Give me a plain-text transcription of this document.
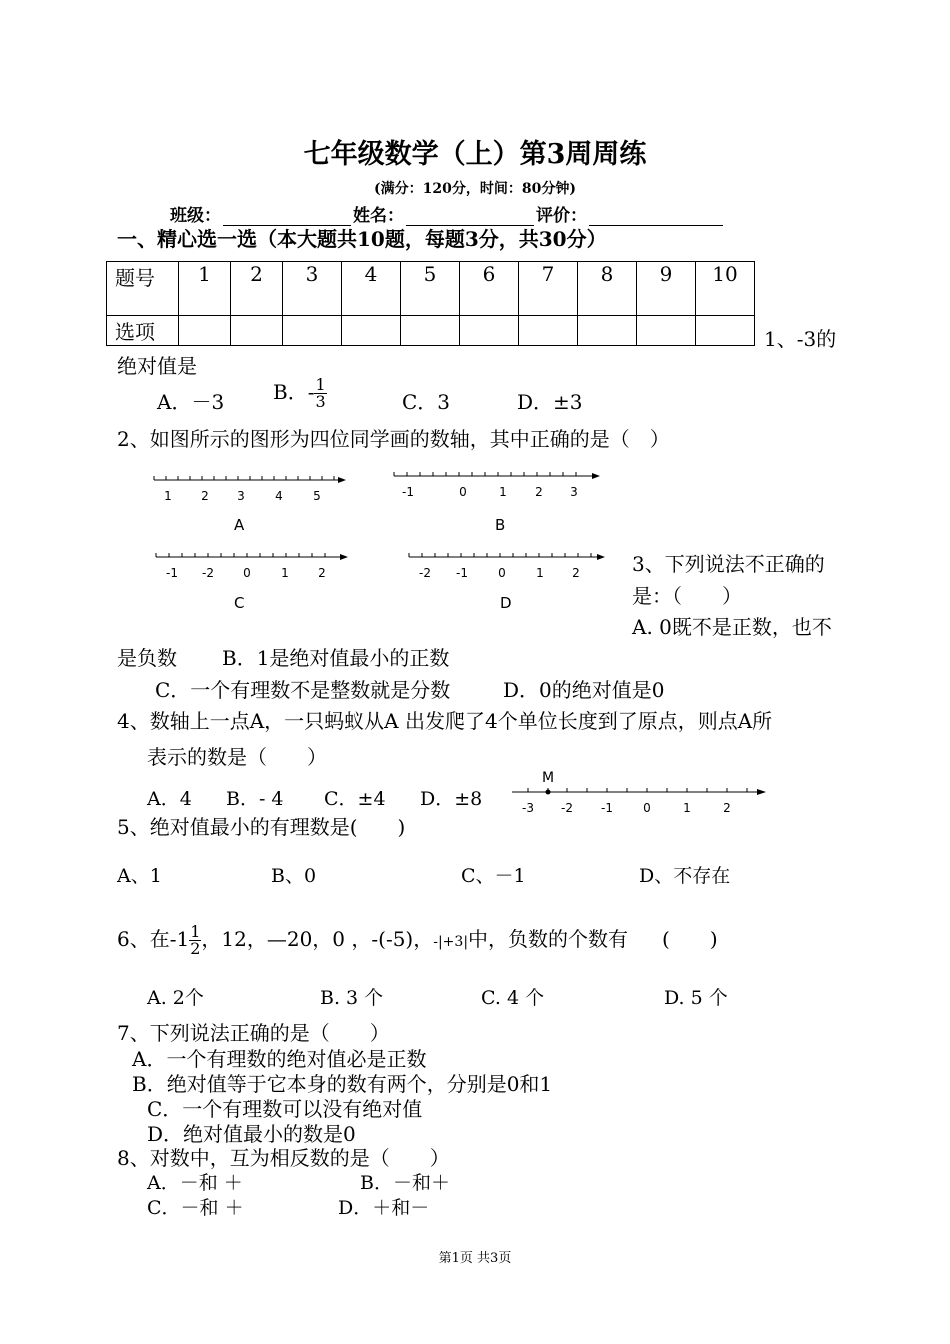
七年级数学（上）第3周周练
(满分：120分，时间：80分钟)
班级：	姓名：	评价：
一、精心选一选（本大题共10题，每题3分，共30分）
题号	1	2	3	4	5	6	7	8	9	10
选项											1、-3的
绝对值是
A．－3 B．- $\frac{1}{3}$	C．3	D．±3
2、如图所示的图形为四位同学画的数轴，其中正确的是（　）
1 2 3	4	5
A
-1	0	1 2 3
B
-1 -2 0	1 2
C
-2 -1	0	1 2
D
3、下列说法不正确的
是：（　　）
A. 0既不是正数，也不
是负数 B．1是绝对值最小的正数
C．一个有理数不是整数就是分数	D．0的绝对值是0
4、数轴上一点A，一只蚂蚁从A 出发爬了4个单位长度到了原点，则点A所
表示的数是（　　）
A．4 B．- 4 C．±4 D．±8
M
-3 -2 -1	0	1	2
5、绝对值最小的有理数是(　　)
A、1	B、0	C、－1	D、不存在
6、在$-1 \frac{1}{2}$ ，12，—20，0 ，-(-5)，-|+3|中，负数的个数有 (　　)
A. 2个	B. 3 个	C. 4 个	D. 5 个
7、下列说法正确的是（　　）
A．一个有理数的绝对值必是正数
B．绝对值等于它本身的数有两个，分别是0和1
C．一个有理数可以没有绝对值
D．绝对值最小的数是0
8、对数中，互为相反数的是（　　）
A．－和 ＋	B．－和＋
C．－和 ＋	D．＋和－
第1页 共3页
